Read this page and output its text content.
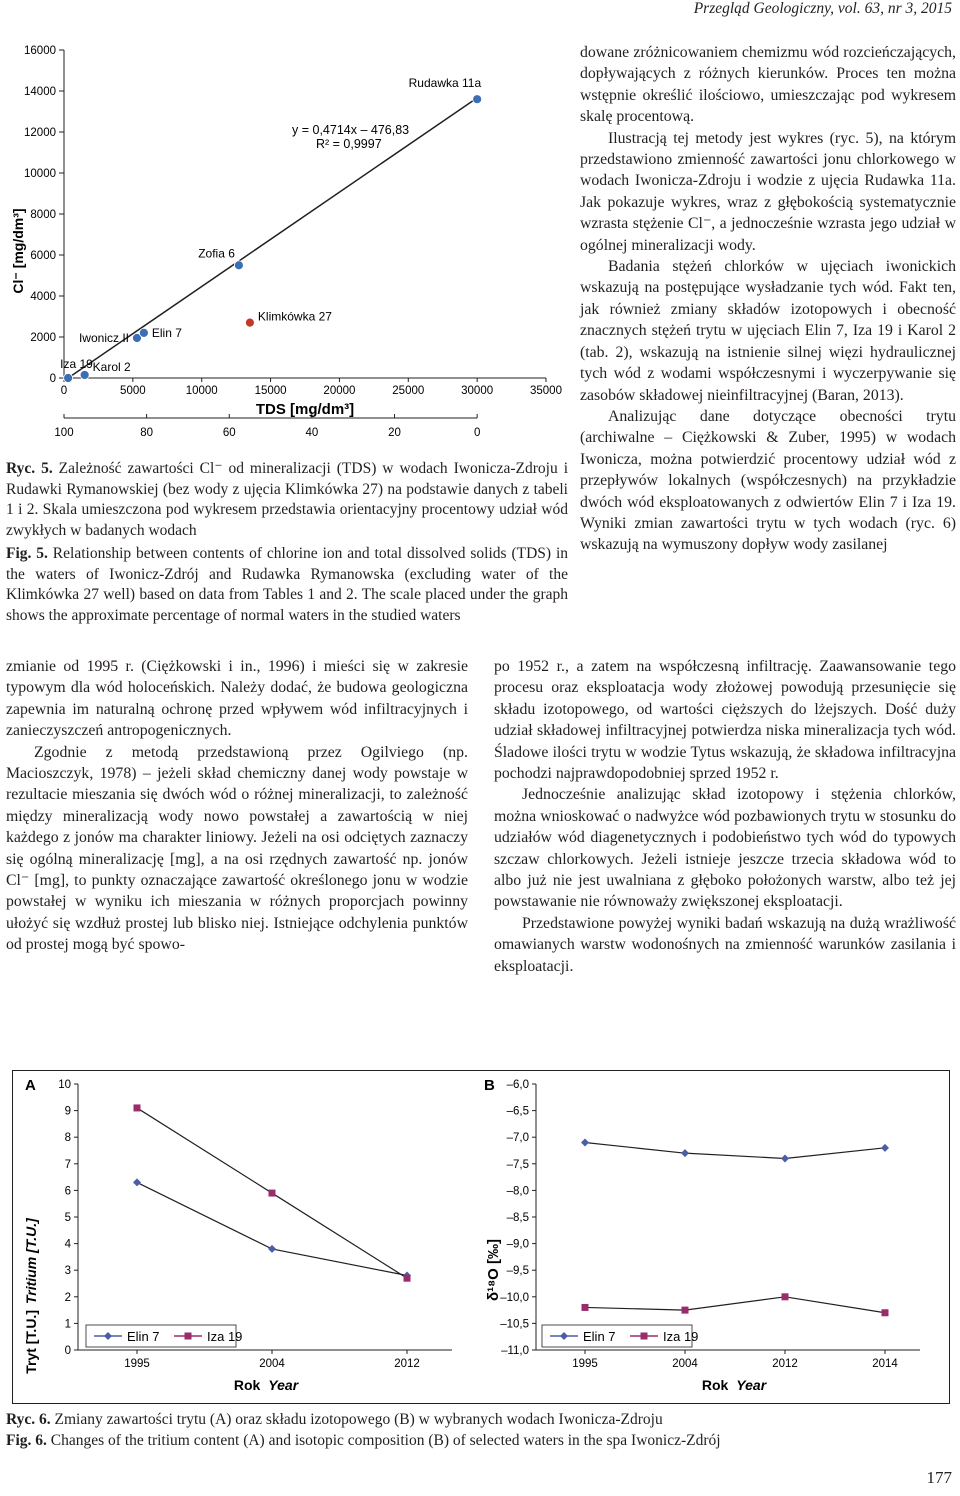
Przegląd Geologiczny, vol. 63, nr 3, 2015
0
2000
4000
6000
8000
10000
12000
14000
16000
0	5000	10000	15000	20000	25000	30000	35000
100	80	60	40	20	0
Iza 19 Karol 2
Iwonicz II Elin 7
Zofia 6
Rudawka 11a
Klimkówka 27
Cl⁻ [mg/dm³]
TDS [mg/dm³]
y = 0,4714x – 476,83
R² = 0,9997
Ryc. 5. Zależność zawartości Cl⁻ od mineralizacji (TDS) w wodach Iwonicza-Zdroju i Rudawki Rymanowskiej (bez wody z ujęcia Klimkówka 27) na podstawie danych z tabeli 1 i 2. Skala umieszczona pod wykresem przedstawia orientacyjny procentowy udział wód zwykłych w badanych wodach
Fig. 5. Relationship between contents of chlorine ion and total dissolved solids (TDS) in the waters of Iwonicz-Zdrój and Rudawka Rymanowska (excluding water of the Klimkówka 27 well) based on data from Tables 1 and 2. The scale placed under the graph shows the approximate percentage of normal waters in the studied waters

dowane zróżnicowaniem chemizmu wód rozcieńczających, dopływających z różnych kierunków. Proces ten można wstępnie określić ilościowo, umieszczając pod wykresem skalę procentową.

Ilustracją tej metody jest wykres (ryc. 5), na którym przedstawiono zmienność zawartości jonu chlorkowego w wodach Iwonicza-Zdroju i wodzie z ujęcia Rudawka 11a. Jak pokazuje wykres, wraz z głębokością systematycznie wzrasta stężenie Cl⁻, a jednocześnie wzrasta jego udział w ogólnej mineralizacji wody.

Badania stężeń chlorków w ujęciach iwonickich wskazują na postępujące wysładzanie tych wód. Fakt ten, jak również zmiany składów izotopowych i obecność znacznych stężeń trytu w ujęciach Elin 7, Iza 19 i Karol 2 (tab. 2), wskazują na istnienie silnej więzi hydraulicznej tych wód z wodami współczesnymi i wyczerpywanie się zasobów składowej nieinfiltracyjnej (Baran, 2013).

Analizując dane dotyczące obecności trytu (archiwalne – Ciężkowski & Zuber, 1995) w wodach Iwonicza, można potwierdzić procentowy udział wód z przepływów lokalnych (współczesnych) na przykładzie dwóch wód eksploatowanych z odwiertów Elin 7 i Iza 19. Wyniki zmian zawartości trytu w tych wodach (ryc. 6) wskazują na wymuszony dopływ wody zasilanej

zmianie od 1995 r. (Ciężkowski i in., 1996) i mieści się w zakresie typowym dla wód holoceńskich. Należy dodać, że budowa geologiczna zapewnia im naturalną ochronę przed wpływem wód infiltracyjnych i zanieczyszczeń antropogenicznych.

Zgodnie z metodą przedstawioną przez Ogilviego (np. Macioszczyk, 1978) – jeżeli skład chemiczny danej wody powstaje w rezultacie mieszania się dwóch wód o różnej mineralizacji, to zależność między mineralizacją wody nowo powstałej a zawartością w niej każdego z jonów ma charakter liniowy. Jeżeli na osi odciętych zaznaczy się ogólną mineralizację [mg], a na osi rzędnych zawartość np. jonów Cl⁻ [mg], to punkty oznaczające zawartość określonego jonu w wodzie powstałej w wyniku ich mieszania w różnych proporcjach powinny ułożyć się wzdłuż prostej lub blisko niej. Istniejące odchylenia punktów od prostej mogą być spowo-

po 1952 r., a zatem na współczesną infiltrację. Zaawansowanie tego procesu oraz eksploatacja wody złożowej powodują przesunięcie się składu izotopowego, od wartości cięższych do lżejszych. Dość duży udział składowej infiltracyjnej potwierdza niska mineralizacja tych wód. Śladowe ilości trytu w wodzie Tytus wskazują, że składowa infiltracyjna pochodzi najprawdopodobniej sprzed 1952 r.

Jednocześnie analizując skład izotopowy i stężenia chlorków, można wnioskować o nadwyżce wód pozbawionych trytu w stosunku do udziałów wód diagenetycznych i podobieństwo tych wód do typowych szczaw chlorkowych. Jeżeli istnieje jeszcze trzecia składowa wód to albo już nie jest uwalniana z głęboko położonych warstw, albo też jej powstawanie nie równoważy zwiększonej eksploatacji.

Przedstawione powyżej wyniki badań wskazują na dużą wrażliwość omawianych warstw wodonośnych na zmienność warunków zasilania i eksploatacji.

A
0
1
2
3
4
5
6
7
8
9
10
1995	2004	2012
Tryt [T.U.]Tritium [T.U.]
Rok Year
Elin 7	Iza 19
B –6,0
–6,5
–7,0
–7,5
–8,0
–8,5
–9,0
–9,5
–10,0
–10,5
–11,0
1995	2004	2012	2014
δ¹⁸O [‰]
Rok Year
Elin 7	Iza 19
Ryc. 6. Zmiany zawartości trytu (A) oraz składu izotopowego (B) w wybranych wodach Iwonicza-Zdroju
Fig. 6. Changes of the tritium content (A) and isotopic composition (B) of selected waters in the spa Iwonicz-Zdrój
177
